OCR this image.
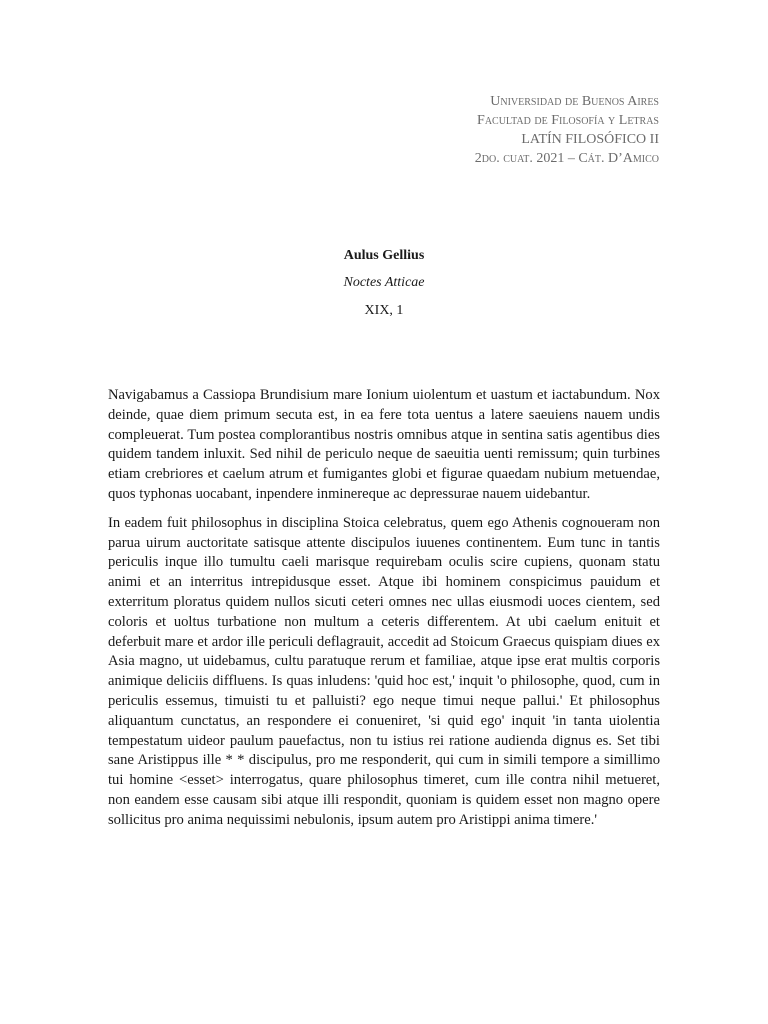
Universidad de Buenos Aires
Facultad de Filosofía y Letras
LATÍN FILOSÓFICO II
2do. cuat. 2021 – Cát. D’Amico
Aulus Gellius
Noctes Atticae
XIX, 1

Navigabamus a Cassiopa Brundisium mare Ionium uiolentum et uastum et iactabundum. Nox deinde, quae diem primum secuta est, in ea fere tota uentus a latere saeuiens nauem undis compleuerat. Tum postea complorantibus nostris omnibus atque in sentina satis agentibus dies quidem tandem inluxit. Sed nihil de periculo neque de saeuitia uenti remissum; quin turbines etiam crebriores et caelum atrum et fumigantes globi et figurae quaedam nubium metuendae, quos typhonas uocabant, inpendere inminereque ac depressurae nauem uidebantur.

In eadem fuit philosophus in disciplina Stoica celebratus, quem ego Athenis cognoueram non parua uirum auctoritate satisque attente discipulos iuuenes continentem. Eum tunc in tantis periculis inque illo tumultu caeli marisque requirebam oculis scire cupiens, quonam statu animi et an interritus intrepidusque esset. Atque ibi hominem conspicimus pauidum et exterritum ploratus quidem nullos sicuti ceteri omnes nec ullas eiusmodi uoces cientem, sed coloris et uoltus turbatione non multum a ceteris differentem. At ubi caelum enituit et deferbuit mare et ardor ille periculi deflagrauit, accedit ad Stoicum Graecus quispiam diues ex Asia magno, ut uidebamus, cultu paratuque rerum et familiae, atque ipse erat multis corporis animique deliciis diffluens. Is quas inludens: 'quid hoc est,' inquit 'o philosophe, quod, cum in periculis essemus, timuisti tu et palluisti? ego neque timui neque pallui.' Et philosophus aliquantum cunctatus, an respondere ei conueniret, 'si quid ego' inquit 'in tanta uiolentia tempestatum uideor paulum pauefactus, non tu istius rei ratione audienda dignus es. Set tibi sane Aristippus ille * * discipulus, pro me responderit, qui cum in simili tempore a simillimo tui homine <esset> interrogatus, quare philosophus timeret, cum ille contra nihil metueret, non eandem esse causam sibi atque illi respondit, quoniam is quidem esset non magno opere sollicitus pro anima nequissimi nebulonis, ipsum autem pro Aristippi anima timere.'
